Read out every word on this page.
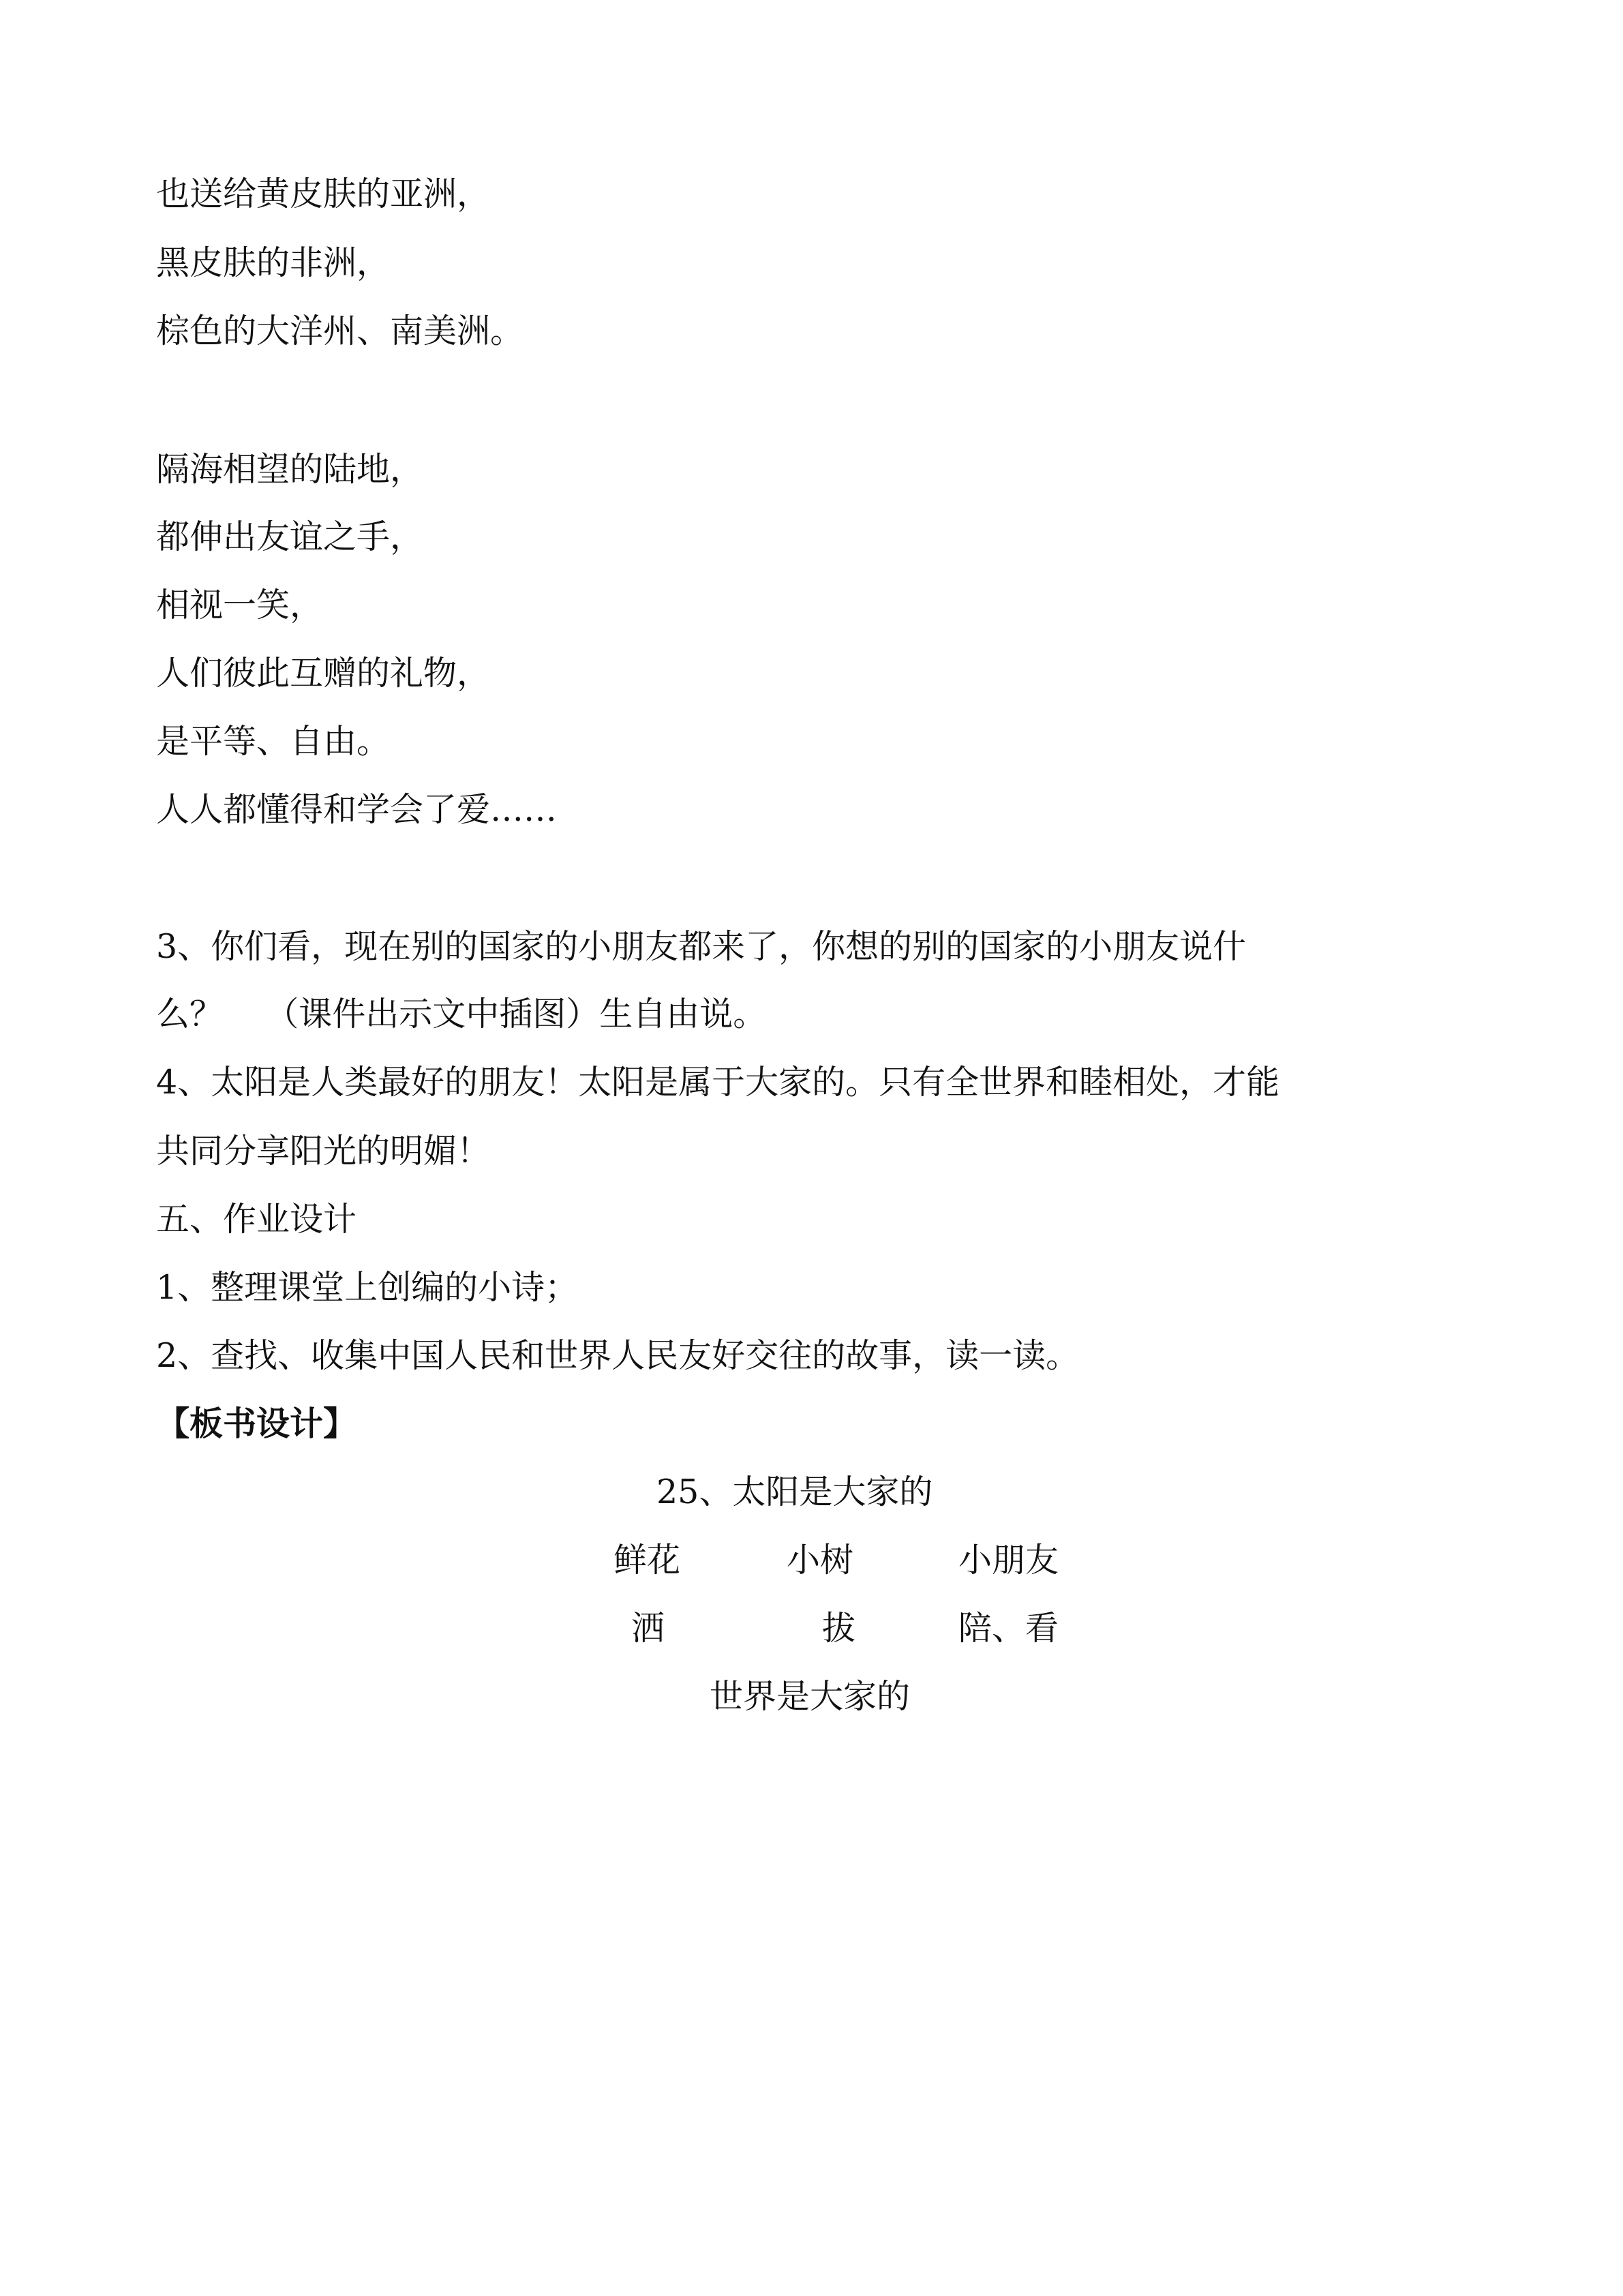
也送给黄皮肤的亚洲，
黑皮肤的非洲，
棕色的大洋州、南美洲。
隔海相望的陆地，
都伸出友谊之手，
相视一笑，
人们彼此互赠的礼物，
是平等、自由。
人人都懂得和学会了爱……
3、你们看，现在别的国家的小朋友都来了，你想的别的国家的小朋友说什
么？    （课件出示文中插图）生自由说。
4、太阳是人类最好的朋友！太阳是属于大家的。只有全世界和睦相处，才能
共同分享阳光的明媚！
五、作业设计
1、整理课堂上创编的小诗；
2、查找、收集中国人民和世界人民友好交往的故事，读一读。
【板书设计】
25、太阳是大家的
鲜花	小树	小朋友
洒	拔	陪、看
世界是大家的
